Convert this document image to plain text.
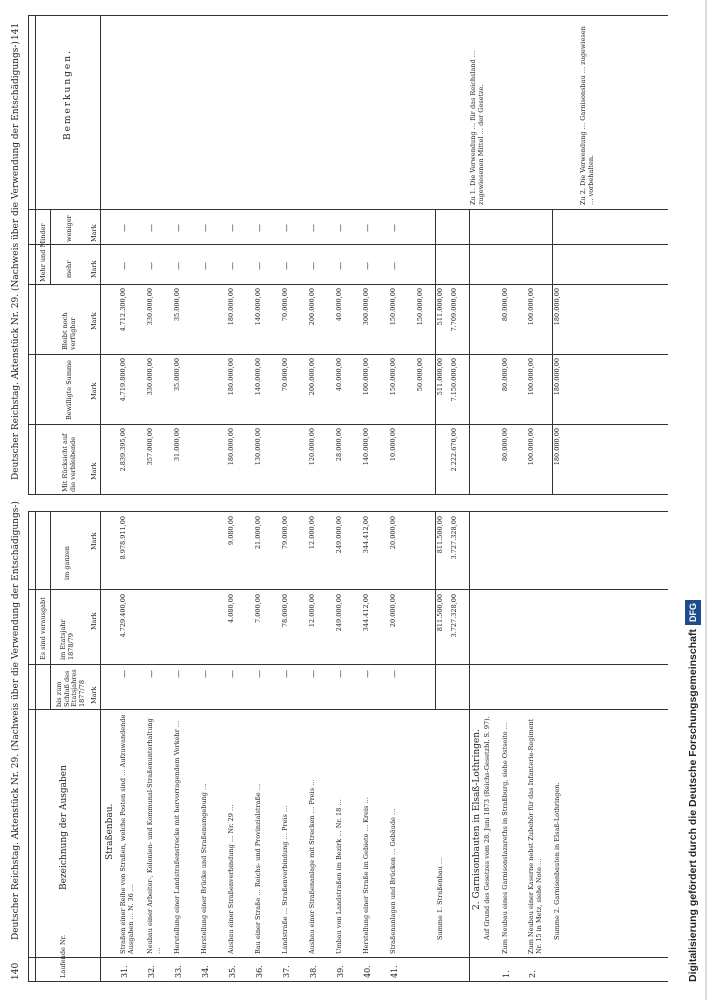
140
Deutscher Reichstag. Aktenstück Nr. 29. (Nachweis über die Verwendung der Entschädigungs-)
Laufende Nr.
Bezeichnung der Ausgaben
Es sind verausgabt
bis zum Schluß des Etatsjahres 1877/78
im Etatsjahr 1878/79
im ganzen
Mark
Mark
Mark
Straßenbau.
31.
Straßen einer Reihe von Straßen, welche Posten sind … Aufzuwandende Ausgaben … N. 36 …
—
4.729.400,00
8.978.911,00
32.
Neubau einer Arbeiter-, Kolonien- und Kommunal-Straßenunterhaltung …
—
33.
Herstellung einer Landstraßenstrecke mit hervorragendem Verkehr …
—
34.
Herstellung einer Brücke und Straßenumgebung …
—
35.
Ausbau einer Straßenverbindung … Nr. 29 …
—
4.080,00
9.080,00
36.
Bau einer Straße … Reichs- und Provinzialstraße …
—
7.000,00
21.000,00
37.
Landstraße … Straßenverbindung … Preis …
—
78.000,00
79.000,00
38.
Ausbau einer Straßenanlage mit Strecken … Preis …
—
12.000,00
12.000,00
39.
Umbau von Landstraßen im Bezirk … Nr. 18 …
—
249.000,00
249.000,00
40.
Herstellung einer Straße im Gebiete … Kreis …
—
344.412,00
344.412,00
41.
Straßenanlagen und Brücken … Gebäude …
—
20.000,00
20.000,00
Summe 1. Straßenbau …
811.500,00
811.500,00
3.727.328,00
3.727.328,00
2. Garnisonbauten in Elsaß-Lothringen. Auf Grund des Gesetzes vom 28. Juni 1873 (Reichs-Gesetzbl. S. 97).
1.
Zum Neubau eines Garnisonslazareths in Straßburg, siehe Ostseite …
2.
Zum Neubau einer Kaserne nebst Zubehör für das Infanterie-Regiment Nr. 15 in Metz, siehe Note … Summe 2. Garnisonbauten in Elsaß-Lothringen.
Deutscher Reichstag. Aktenstück Nr. 29. (Nachweis über die Verwendung der Entschädigungs-)
141
Mit Rücksicht auf die verbleibende
Bewilligte Summe
Bleibt noch verfügbar
Mehr und Minder	mehr
weniger
Bemerkungen.
Mark
Mark
Mark
Mark
Mark
2.839.395,00
4.719.800,00
4.712.300,00
—
—
357.000,00
330.000,00
330.000,00
—
—
31.000,00
35.000,00
35.000,00
—
—
—
—
180.000,00
180.000,00
180.000,00
—
—
130.000,00
140.000,00
140.000,00
—
—
70.000,00
70.000,00
—
—
120.000,00
200.000,00
200.000,00
—
—
28.000,00
40.000,00
40.000,00
—
—
140.000,00
100.000,00
300.000,00
—
—
10.000,00
150.000,00
150.000,00
—
—
50.000,00
150.000,00
511.000,00
511.000,00
2.222.670,00
7.150.000,00
7.709.000,00
80.000,00
80.000,00
80.000,00
100.000,00
100.000,00
100.000,00
180.000,00
180.000,00
180.000,00
Zu 1. Die Verwendung … für das Reichsland … zugewiesenen Mittel … der Gesetze.	Zu 2. Die Verwendung … Garnisonsbau … zugewiesen … vorbehalten.
Digitalisierung gefördert durch die Deutsche ForschungsgemeinschaftDFG
